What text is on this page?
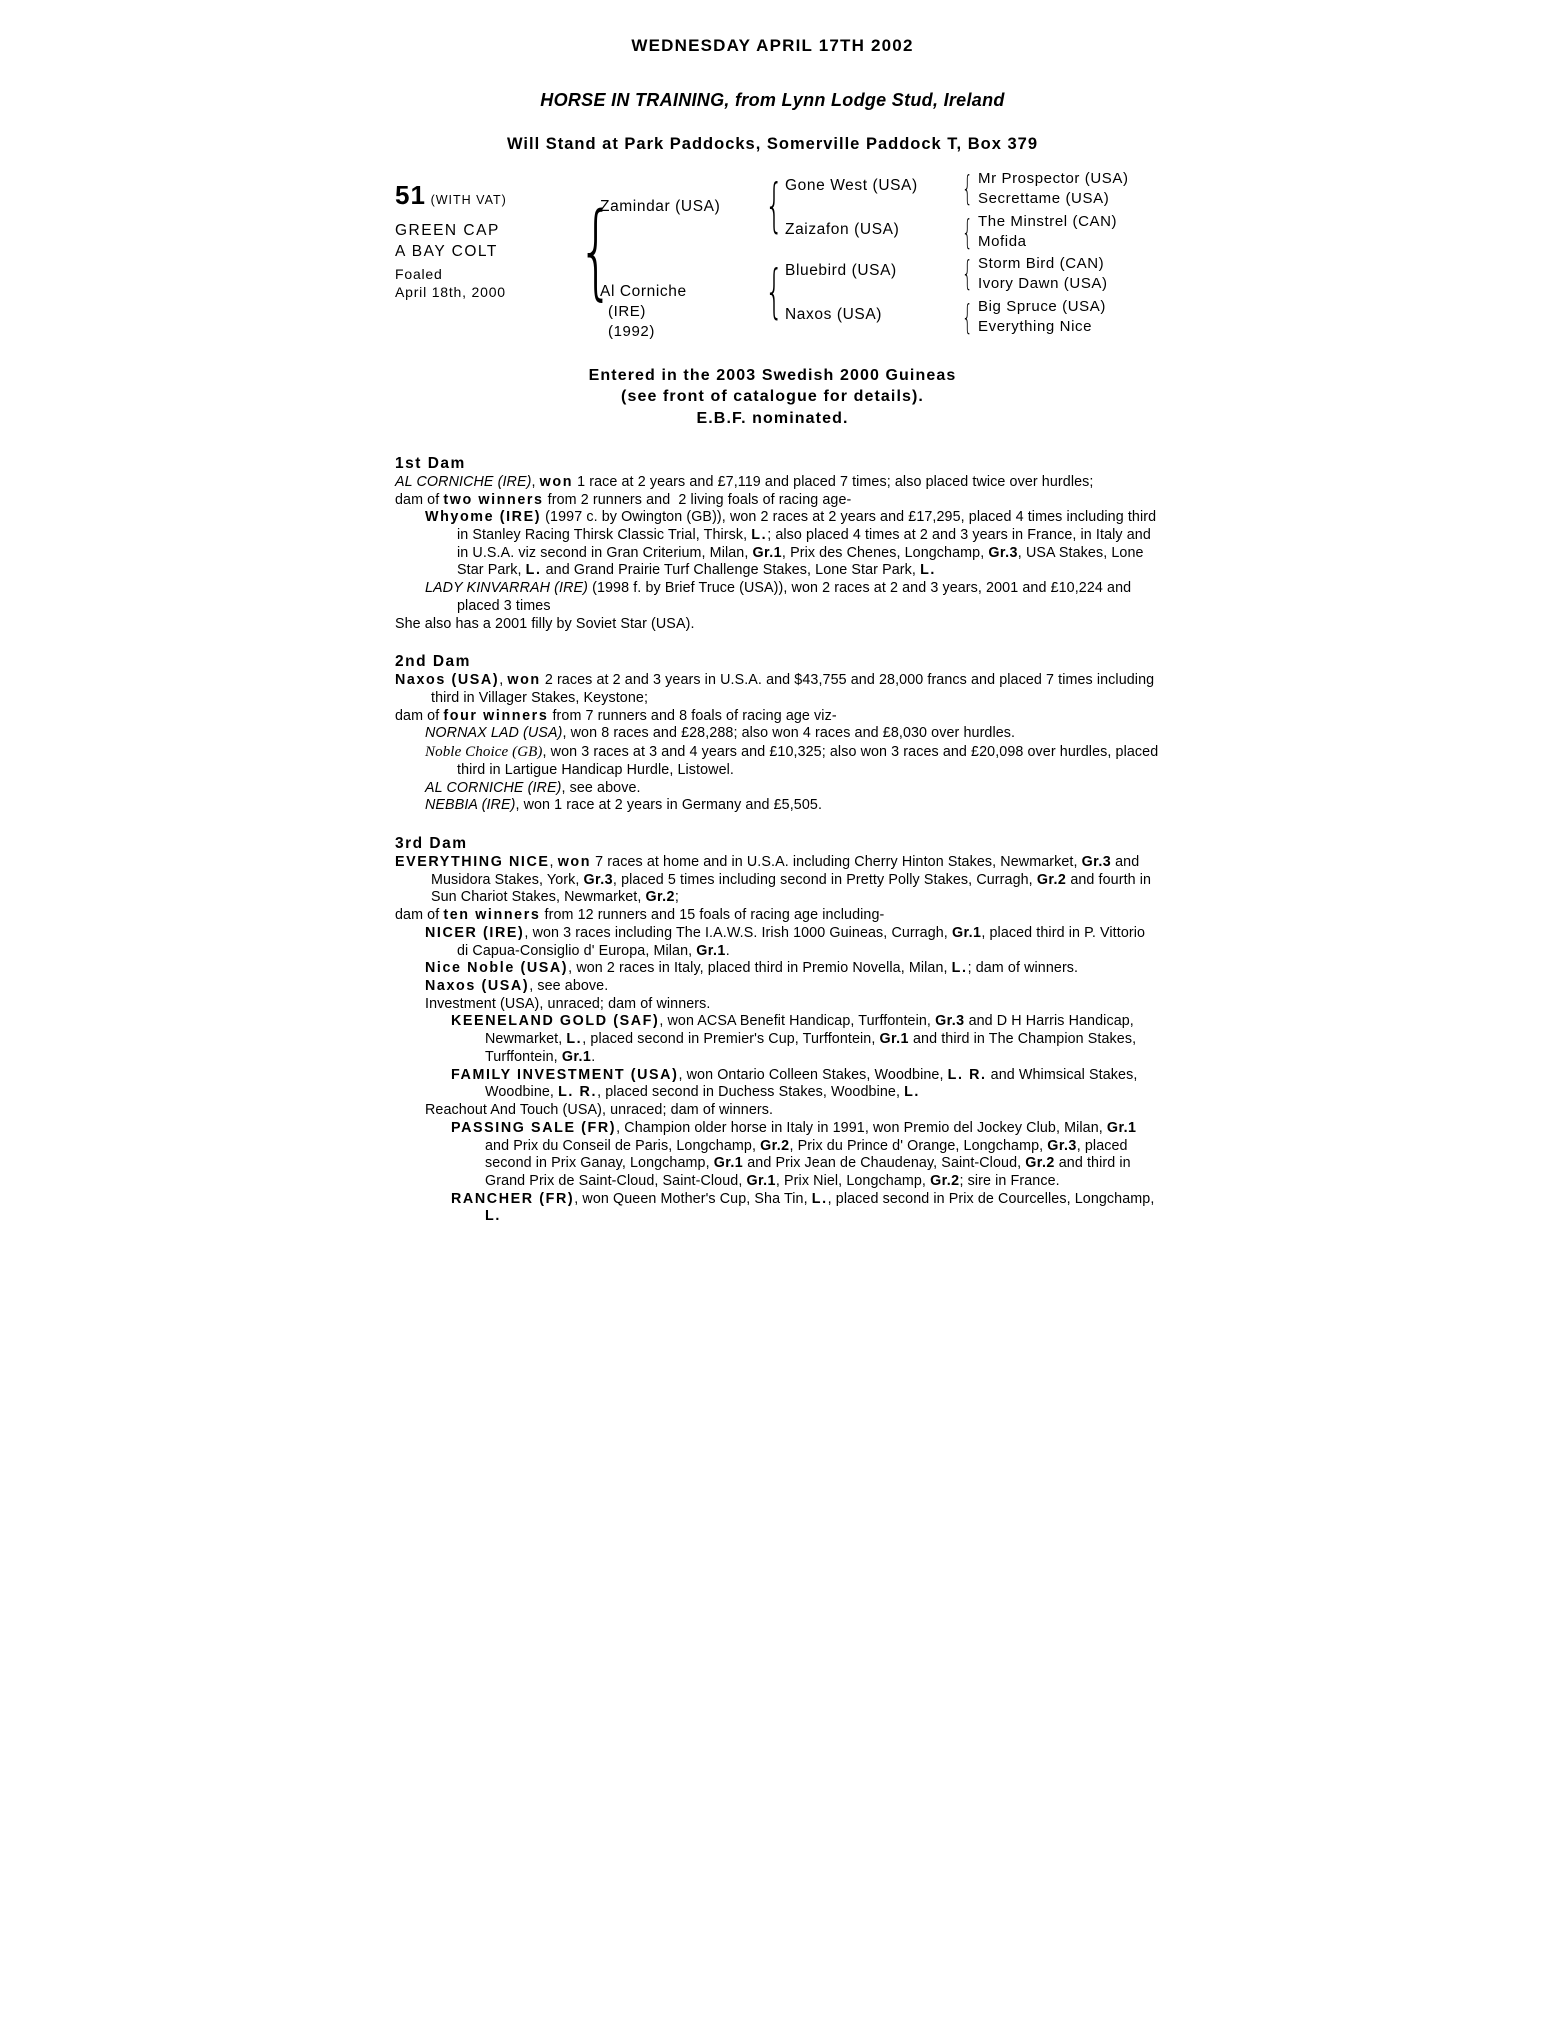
WEDNESDAY APRIL 17TH 2002
HORSE IN TRAINING, from Lynn Lodge Stud, Ireland
Will Stand at Park Paddocks, Somerville Paddock T, Box 379
51 (WITH VAT)
GREEN CAP
A BAY COLT
Foaled
April 18th, 2000 {
Zamindar (USA) { Gone West (USA)
Zaizafon (USA)
{ Mr Prospector (USA)
Secrettame (USA)
{ The Minstrel (CAN)
Mofida
Al Corniche
(IRE)
(1992)
{ Bluebird (USA)
Naxos (USA)
{ Storm Bird (CAN)
Ivory Dawn (USA)
{ Big Spruce (USA)
Everything Nice
Entered in the 2003 Swedish 2000 Guineas
(see front of catalogue for details).
E.B.F. nominated.
1st Dam

AL CORNICHE (IRE), won 1 race at 2 years and £7,119 and placed 7 times; also placed twice over hurdles;

dam of two winners from 2 runners and  2 living foals of racing age-

Whyome (IRE) (1997 c. by Owington (GB)), won 2 races at 2 years and £17,295, placed 4 times including third in Stanley Racing Thirsk Classic Trial, Thirsk, L.; also placed 4 times at 2 and 3 years in France, in Italy and in U.S.A. viz second in Gran Criterium, Milan, Gr.1, Prix des Chenes, Longchamp, Gr.3, USA Stakes, Lone Star Park, L. and Grand Prairie Turf Challenge Stakes, Lone Star Park, L.

LADY KINVARRAH (IRE) (1998 f. by Brief Truce (USA)), won 2 races at 2 and 3 years, 2001 and £10,224 and placed 3 times

She also has a 2001 filly by Soviet Star (USA).

2nd Dam

Naxos (USA), won 2 races at 2 and 3 years in U.S.A. and $43,755 and 28,000 francs and placed 7 times including third in Villager Stakes, Keystone;

dam of four winners from 7 runners and 8 foals of racing age viz-

NORNAX LAD (USA), won 8 races and £28,288; also won 4 races and £8,030 over hurdles.

Noble Choice (GB), won 3 races at 3 and 4 years and £10,325; also won 3 races and £20,098 over hurdles, placed third in Lartigue Handicap Hurdle, Listowel.

AL CORNICHE (IRE), see above.

NEBBIA (IRE), won 1 race at 2 years in Germany and £5,505.

3rd Dam

EVERYTHING NICE, won 7 races at home and in U.S.A. including Cherry Hinton Stakes, Newmarket, Gr.3 and Musidora Stakes, York, Gr.3, placed 5 times including second in Pretty Polly Stakes, Curragh, Gr.2 and fourth in Sun Chariot Stakes, Newmarket, Gr.2;

dam of ten winners from 12 runners and 15 foals of racing age including-

NICER (IRE), won 3 races including The I.A.W.S. Irish 1000 Guineas, Curragh, Gr.1, placed third in P. Vittorio di Capua-Consiglio d' Europa, Milan, Gr.1.

Nice Noble (USA), won 2 races in Italy, placed third in Premio Novella, Milan, L.; dam of winners.

Naxos (USA), see above.

Investment (USA), unraced; dam of winners.

KEENELAND GOLD (SAF), won ACSA Benefit Handicap, Turffontein, Gr.3 and D H Harris Handicap, Newmarket, L., placed second in Premier's Cup, Turffontein, Gr.1 and third in The Champion Stakes, Turffontein, Gr.1.

FAMILY INVESTMENT (USA), won Ontario Colleen Stakes, Woodbine, L. R. and Whimsical Stakes, Woodbine, L. R., placed second in Duchess Stakes, Woodbine, L.

Reachout And Touch (USA), unraced; dam of winners.

PASSING SALE (FR), Champion older horse in Italy in 1991, won Premio del Jockey Club, Milan, Gr.1 and Prix du Conseil de Paris, Longchamp, Gr.2, Prix du Prince d' Orange, Longchamp, Gr.3, placed second in Prix Ganay, Longchamp, Gr.1 and Prix Jean de Chaudenay, Saint-Cloud, Gr.2 and third in Grand Prix de Saint-Cloud, Saint-Cloud, Gr.1, Prix Niel, Longchamp, Gr.2; sire in France.

RANCHER (FR), won Queen Mother's Cup, Sha Tin, L., placed second in Prix de Courcelles, Longchamp, L.
